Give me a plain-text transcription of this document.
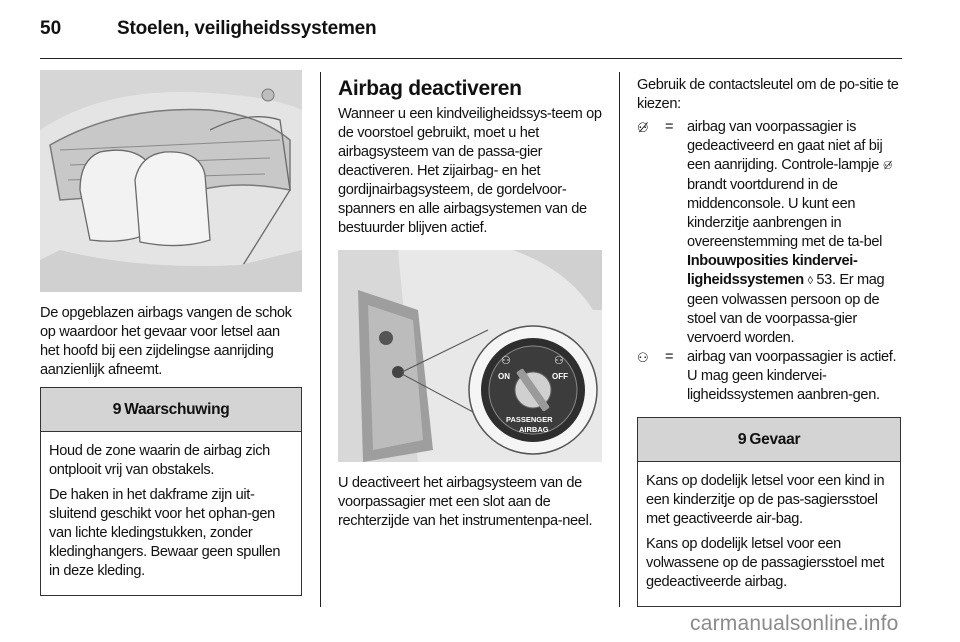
50	Stoelen, veiligheidssystemen

De opgeblazen airbags vangen de schok op waardoor het gevaar voor letsel aan het hoofd bij een zijdelingse aanrijding aanzienlijk afneemt.

9 Waarschuwing

Houd de zone waarin de airbag zich ontplooit vrij van obstakels.

De haken in het dakframe zijn uit-sluitend geschikt voor het ophan-gen van lichte kledingstukken, zonder kledinghangers. Bewaar geen spullen in deze kleding.

Airbag deactiveren

Wanneer u een kindveiligheidssys-teem op de voorstoel gebruikt, moet u het airbagsysteem van de passa-gier deactiveren. Het zijairbag- en het gordijnairbagsysteem, de gordelvoor-spanners en alle airbagsystemen van de bestuurder blijven actief.

ON	OFF
PASSENGER
AIRBAG
⚇	⚇

U deactiveert het airbagsysteem van de voorpassagier met een slot aan de rechterzijde van het instrumentenpa-neel.

Gebruik de contactsleutel om de po-sitie te kiezen:

⚇̸	= airbag van voorpassagier is gedeactiveerd en gaat niet af bij een aanrijding. Controle-lampje ⚇̸ brandt voortdurend in de middenconsole. U kunt een kinderzitje aanbrengen in overeenstemming met de ta-bel Inbouwposities kindervei-ligheidssystemen ◊ 53. Er mag geen volwassen persoon op de stoel van de voorpassa-gier vervoerd worden.
⚇	= airbag van voorpassagier is actief. U mag geen kindervei-ligheidssystemen aanbren-gen.
9 Gevaar

Kans op dodelijk letsel voor een kind in een kinderzitje op de pas-sagiersstoel met geactiveerde air-bag.

Kans op dodelijk letsel voor een volwassene op de passagiersstoel met gedeactiveerde airbag.

carmanualsonline.info
